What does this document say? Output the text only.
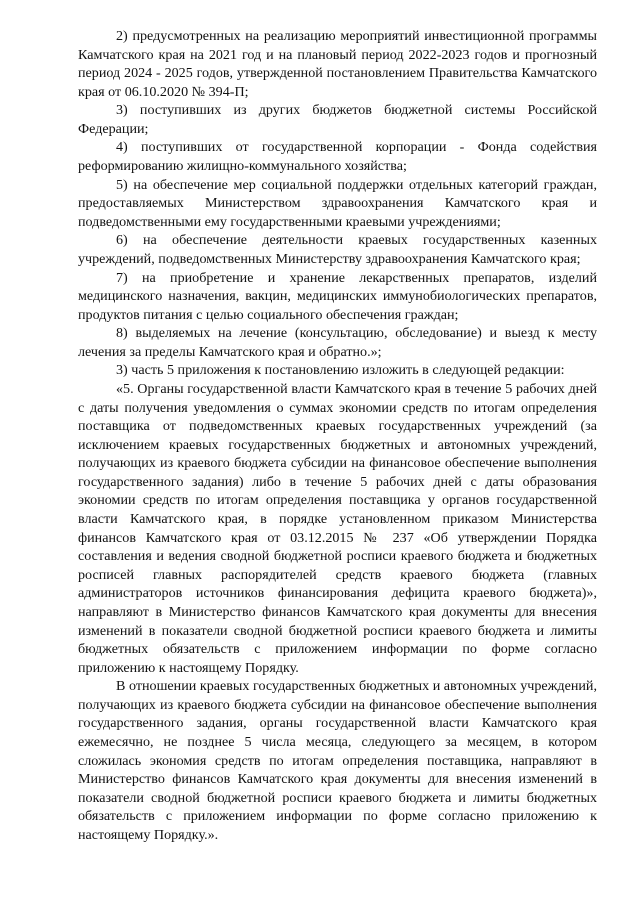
2) предусмотренных на реализацию мероприятий инвестиционной программы Камчатского края на 2021 год и на плановый период 2022-2023 годов и прогнозный период 2024 - 2025 годов, утвержденной постановлением Правительства Камчатского края от 06.10.2020 № 394-П;

3) поступивших из других бюджетов бюджетной системы Российской Федерации;

4) поступивших от государственной корпорации - Фонда содействия реформированию жилищно-коммунального хозяйства;

5) на обеспечение мер социальной поддержки отдельных категорий граждан, предоставляемых Министерством здравоохранения Камчатского края и подведомственными ему государственными краевыми учреждениями;

6) на обеспечение деятельности краевых государственных казенных учреждений, подведомственных Министерству здравоохранения Камчатского края;

7) на приобретение и хранение лекарственных препаратов, изделий медицинского назначения, вакцин, медицинских иммунобиологических препаратов, продуктов питания с целью социального обеспечения граждан;

8) выделяемых на лечение (консультацию, обследование) и выезд к месту лечения за пределы Камчатского края и обратно.»;

3) часть 5 приложения к постановлению изложить в следующей редакции:

«5. Органы государственной власти Камчатского края в течение 5 рабочих дней с даты получения уведомления о суммах экономии средств по итогам определения поставщика от подведомственных краевых государственных учреждений (за исключением краевых государственных бюджетных и автономных учреждений, получающих из краевого бюджета субсидии на финансовое обеспечение выполнения государственного задания) либо в течение 5 рабочих дней с даты образования экономии средств по итогам определения поставщика у органов государственной власти Камчатского края, в порядке установленном приказом Министерства финансов Камчатского края от 03.12.2015 № 237 «Об утверждении Порядка составления и ведения сводной бюджетной росписи краевого бюджета и бюджетных росписей главных распорядителей средств краевого бюджета (главных администраторов источников финансирования дефицита краевого бюджета)», направляют в Министерство финансов Камчатского края документы для внесения изменений в показатели сводной бюджетной росписи краевого бюджета и лимиты бюджетных обязательств с приложением информации по форме согласно приложению к настоящему Порядку.

В отношении краевых государственных бюджетных и автономных учреждений, получающих из краевого бюджета субсидии на финансовое обеспечение выполнения государственного задания, органы государственной власти Камчатского края ежемесячно, не позднее 5 числа месяца, следующего за месяцем, в котором сложилась экономия средств по итогам определения поставщика, направляют в Министерство финансов Камчатского края документы для внесения изменений в показатели сводной бюджетной росписи краевого бюджета и лимиты бюджетных обязательств с приложением информации по форме согласно приложению к настоящему Порядку.».
